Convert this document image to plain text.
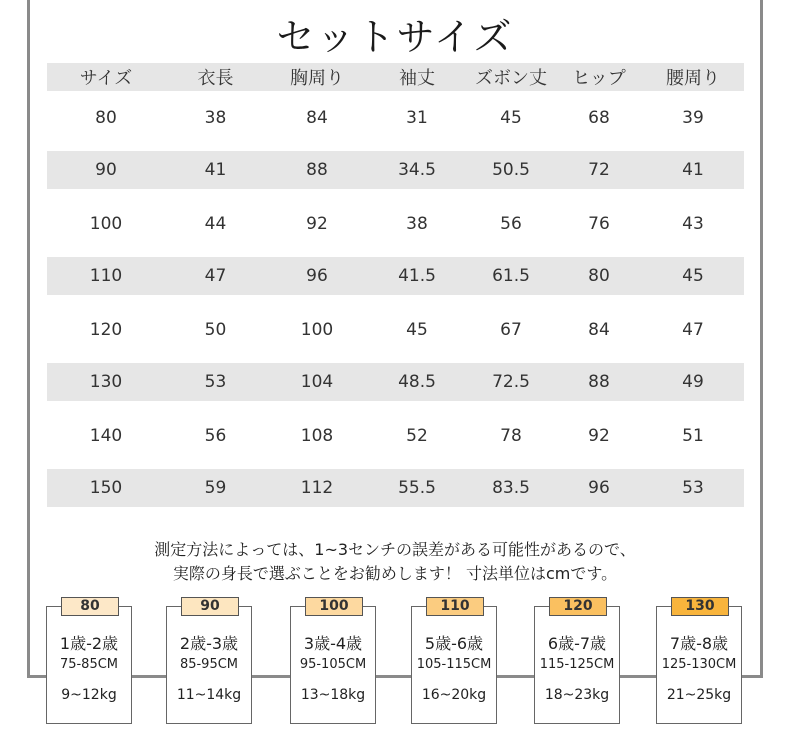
セットサイズ
サイズ	衣長	胸周り	袖丈	ズボン丈	ヒップ	腰周り
80	38	84	31	45	68	39
90	41	88	34.5	50.5	72	41
100	44	92	38	56	76	43
110	47	96	41.5	61.5	80	45
120	50	100	45	67	84	47
130	53	104	48.5	72.5	88	49
140	56	108	52	78	92	51
150	59	112	55.5	83.5	96	53
測定方法によっては、1~3センチの誤差がある可能性があるので、
実際の身長で選ぶことをお勧めします！ 寸法単位はcmです。
80
1歳-2歳
75-85CM
9~12kg
90
2歳-3歳
85-95CM
11~14kg
100
3歳-4歳
95-105CM
13~18kg
110
5歳-6歳
105-115CM
16~20kg
120
6歳-7歳
115-125CM
18~23kg
130
7歳-8歳
125-130CM
21~25kg
